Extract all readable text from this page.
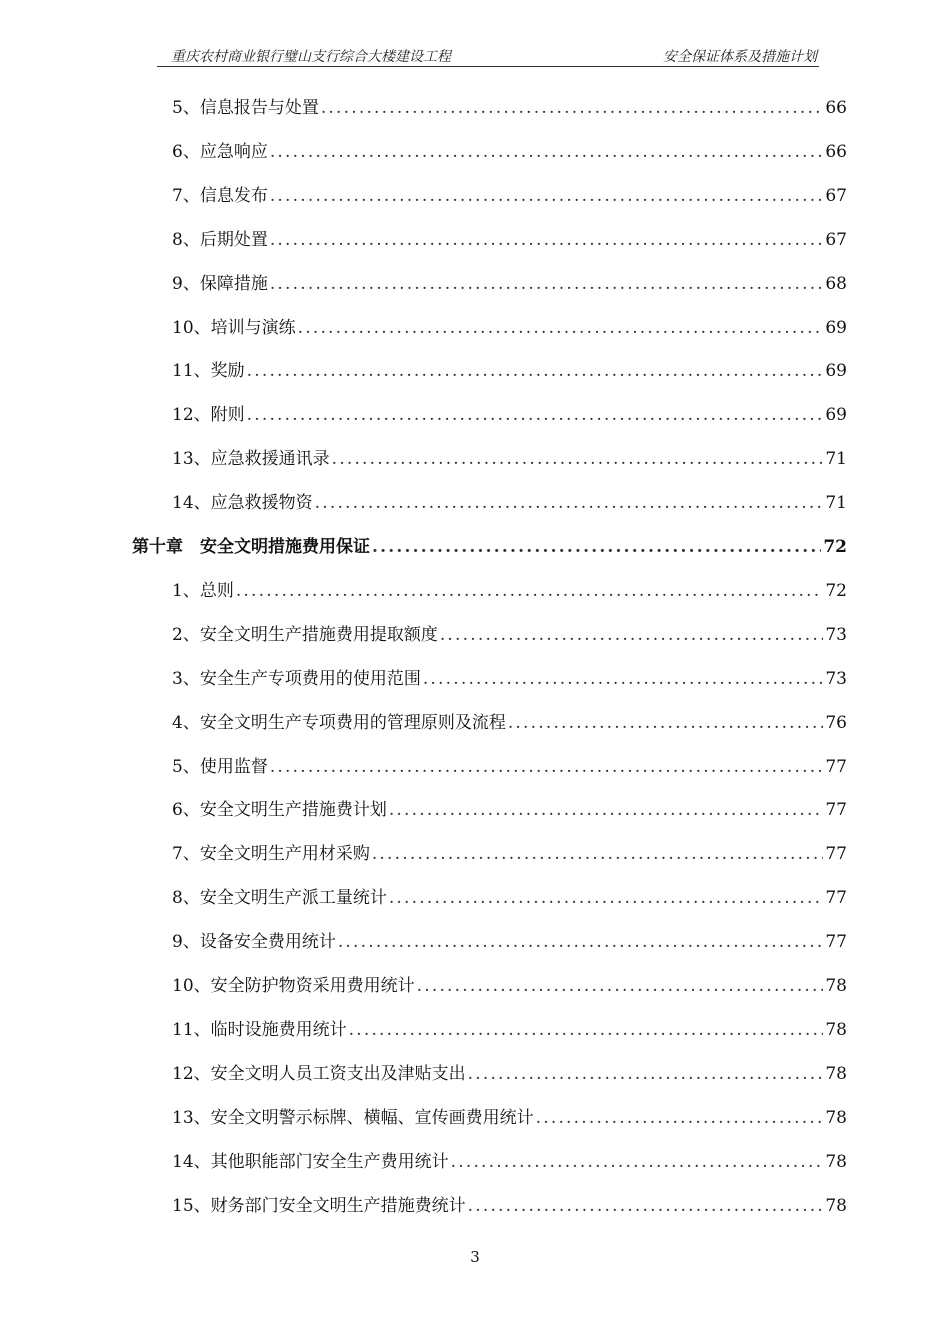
重庆农村商业银行璧山支行综合大楼建设工程	安全保证体系及措施计划
5、信息报告与处置 .....	66
6、应急响应 .....	66
7、信息发布 .....	67
8、后期处置 .....	67
9、保障措施 .....	68
10、培训与演练 .....	69
11、奖励 .....	69
12、附则 .....	69
13、应急救援通讯录 .....	71
14、应急救援物资 .....	71
第十章　安全文明措施费用保证 .....	72
1、总则 .....	72
2、安全文明生产措施费用提取额度 .....	73
3、安全生产专项费用的使用范围 .....	73
4、安全文明生产专项费用的管理原则及流程 .....	76
5、使用监督 .....	77
6、安全文明生产措施费计划 .....	77
7、安全文明生产用材采购 .....	77
8、安全文明生产派工量统计 .....	77
9、设备安全费用统计 .....	77
10、安全防护物资采用费用统计 .....	78
11、临时设施费用统计 .....	78
12、安全文明人员工资支出及津贴支出 .....	78
13、安全文明警示标牌、横幅、宣传画费用统计 .....	78
14、其他职能部门安全生产费用统计 .....	78
15、财务部门安全文明生产措施费统计 .....	78
3
